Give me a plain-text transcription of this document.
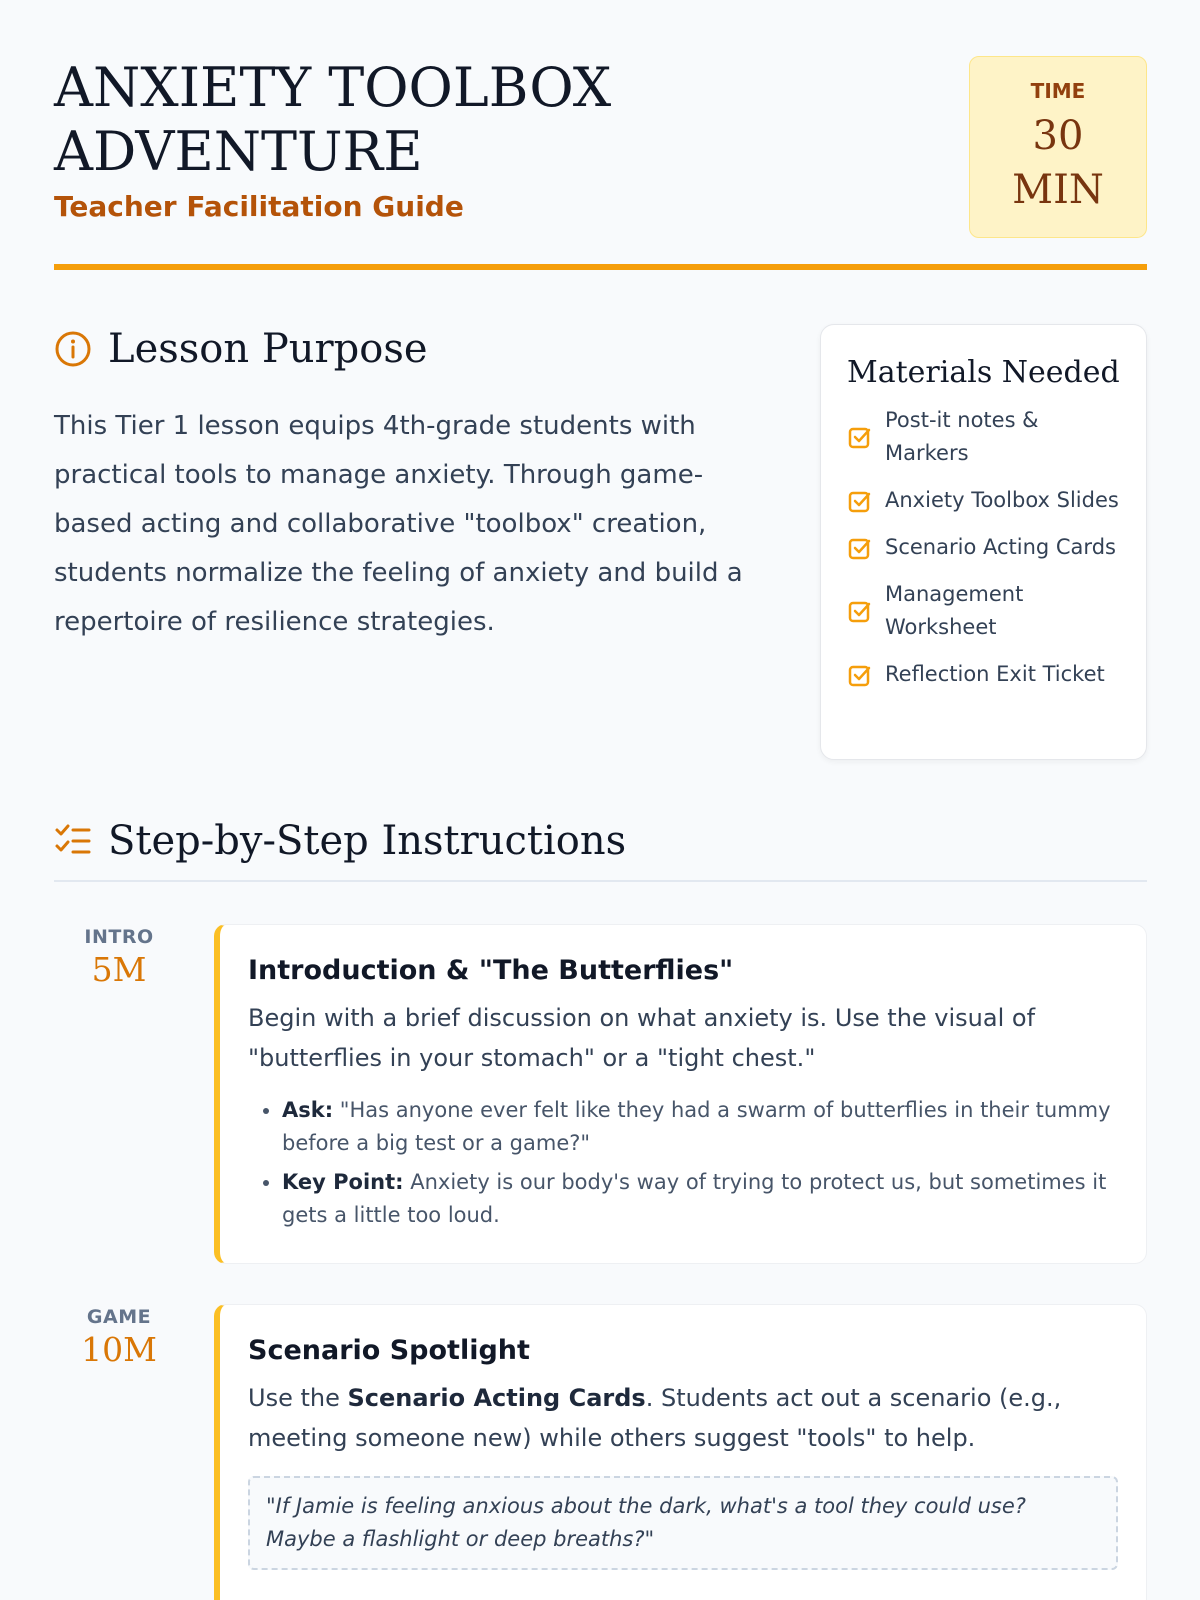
ANXIETY TOOLBOX
ADVENTURE
Teacher Facilitation Guide
TIME
30
MIN
Lesson Purpose

This Tier 1 lesson equips 4th-grade students with practical tools to manage anxiety. Through game-based acting and collaborative "toolbox" creation, students normalize the feeling of anxiety and build a repertoire of resilience strategies.

Materials Needed
Post-it notes & Markers
Anxiety Toolbox Slides
Scenario Acting Cards
Management Worksheet
Reflection Exit Ticket
Step-by-Step Instructions
INTRO
5M	Introduction & "The Butterflies"

Begin with a brief discussion on what anxiety is. Use the visual of "butterflies in your stomach" or a "tight chest."

• Ask: "Has anyone ever felt like they had a swarm of butterflies in their tummy before a big test or a game?"
• Key Point: Anxiety is our body's way of trying to protect us, but sometimes it gets a little too loud.
GAME
10M	Scenario Spotlight

Use the Scenario Acting Cards. Students act out a scenario (e.g., meeting someone new) while others suggest "tools" to help.

"If Jamie is feeling anxious about the dark, what's a tool they could use? Maybe a flashlight or deep breaths?"
